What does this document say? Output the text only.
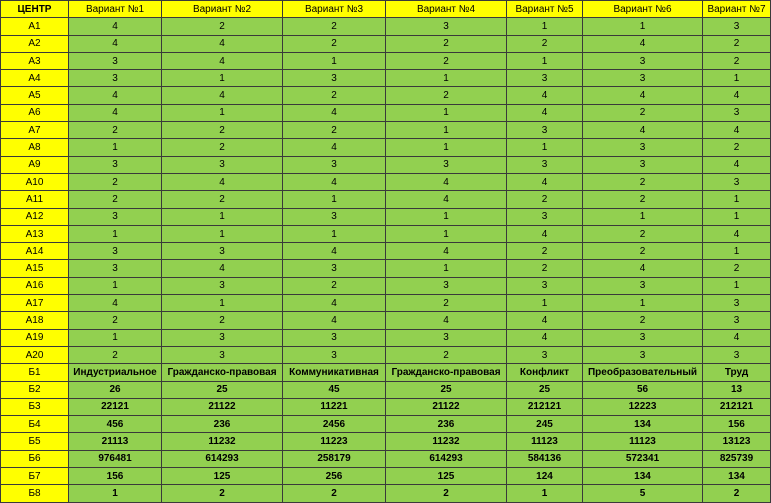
ЦЕНТР	Вариант №1	Вариант №2	Вариант №3	Вариант №4	Вариант №5	Вариант №6	Вариант №7
А1	4	2	2	3	1	1	3
А2	4	4	2	2	2	4	2
А3	3	4	1	2	1	3	2
А4	3	1	3	1	3	3	1
А5	4	4	2	2	4	4	4
А6	4	1	4	1	4	2	3
А7	2	2	2	1	3	4	4
А8	1	2	4	1	1	3	2
А9	3	3	3	3	3	3	4
А10	2	4	4	4	4	2	3
А11	2	2	1	4	2	2	1
А12	3	1	3	1	3	1	1
А13	1	1	1	1	4	2	4
А14	3	3	4	4	2	2	1
А15	3	4	3	1	2	4	2
А16	1	3	2	3	3	3	1
А17	4	1	4	2	1	1	3
А18	2	2	4	4	4	2	3
А19	1	3	3	3	4	3	4
А20	2	3	3	2	3	3	3
Б1	Индустриальное	Гражданско-правовая	Коммуникативная	Гражданско-правовая	Конфликт	Преобразовательный	Труд
Б2	26	25	45	25	25	56	13
Б3	22121	21122	11221	21122	212121	12223	212121
Б4	456	236	2456	236	245	134	156
Б5	21113	11232	11223	11232	11123	11123	13123
Б6	976481	614293	258179	614293	584136	572341	825739
Б7	156	125	256	125	124	134	134
Б8	1	2	2	2	1	5	2
